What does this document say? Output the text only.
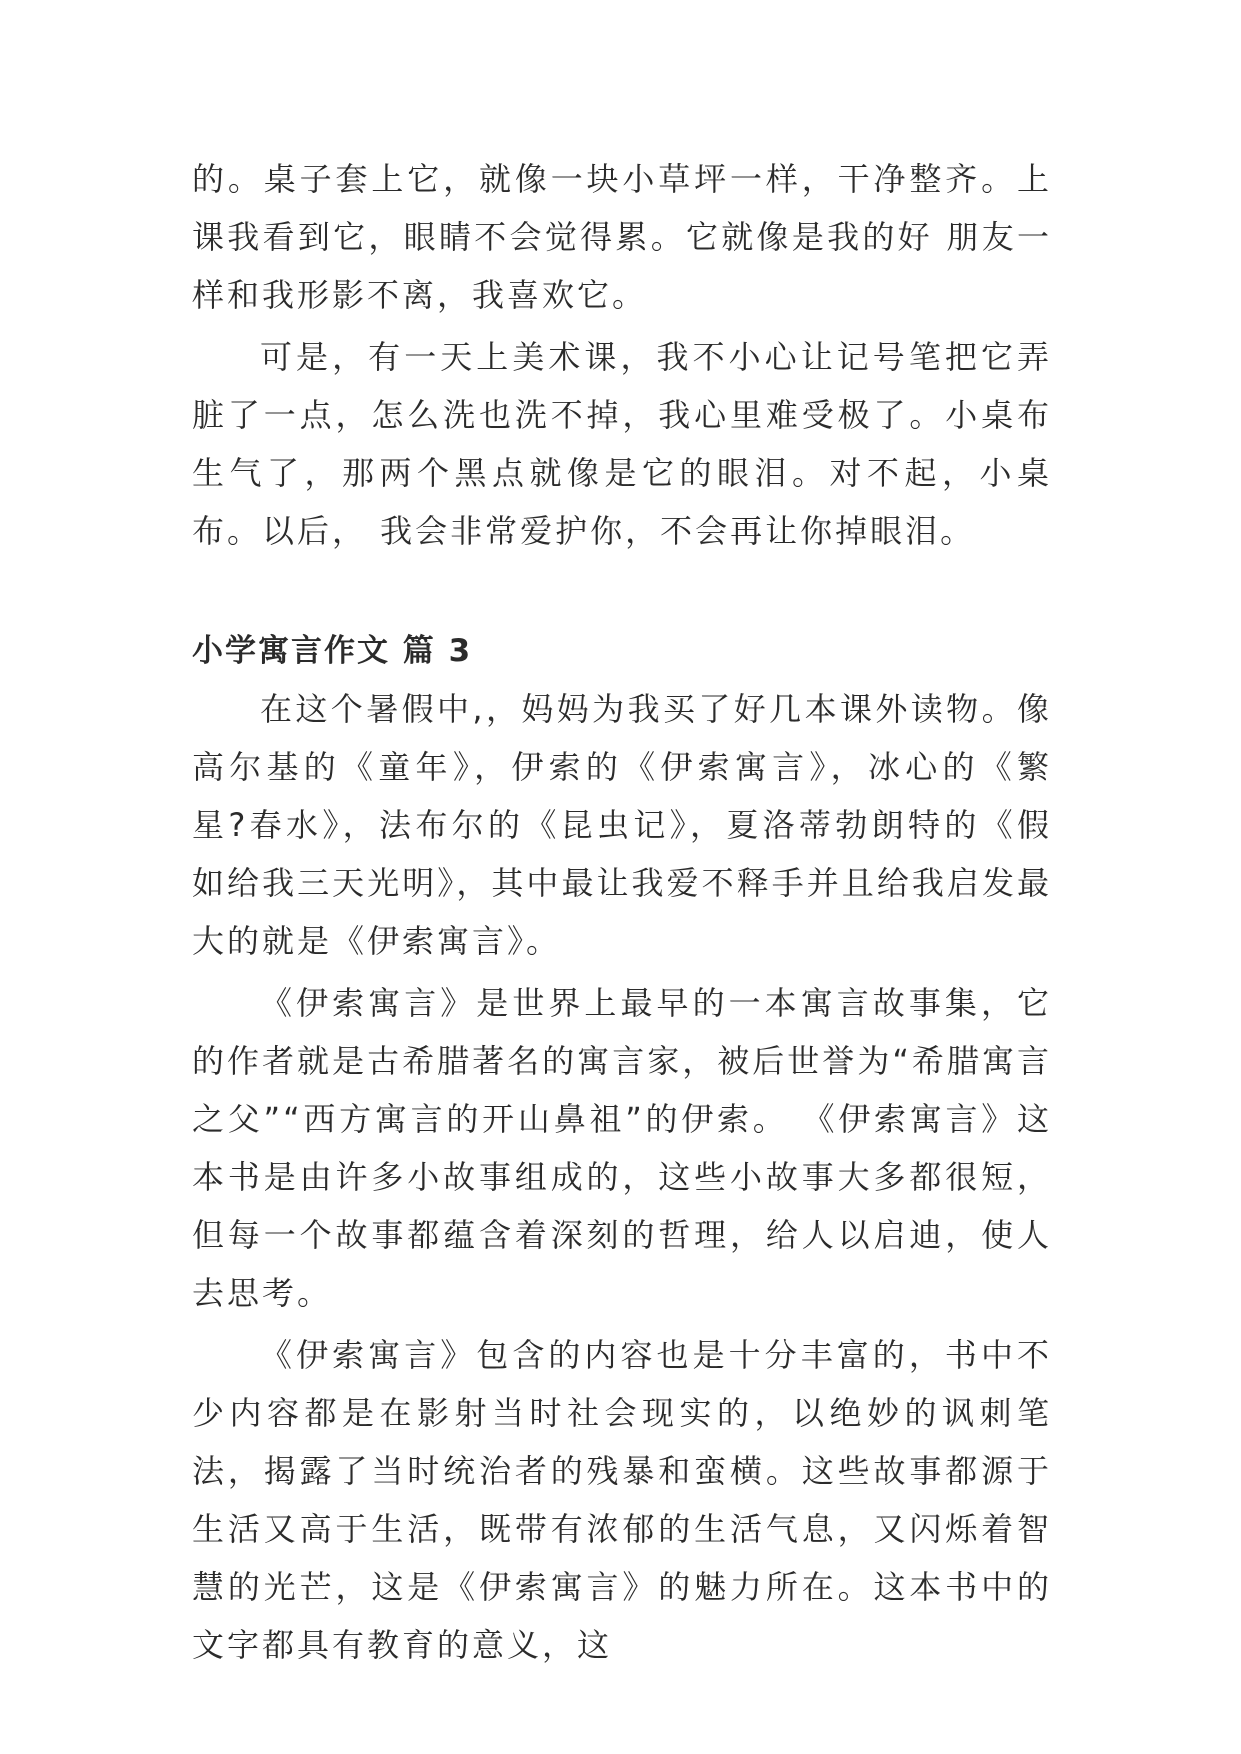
的。桌子套上它，就像一块小草坪一样，干净整齐。上课我看到它，眼睛不会觉得累。它就像是我的好 朋友一样和我形影不离，我喜欢它。

可是，有一天上美术课，我不小心让记号笔把它弄脏了一点，怎么洗也洗不掉，我心里难受极了。小桌布生气了，那两个黑点就像是它的眼泪。对不起，小桌布。以后， 我会非常爱护你，不会再让你掉眼泪。

小学寓言作文 篇 3

在这个暑假中,，妈妈为我买了好几本课外读物。像高尔基的《童年》，伊索的《伊索寓言》，冰心的《繁星?春水》，法布尔的《昆虫记》，夏洛蒂勃朗特的《假如给我三天光明》，其中最让我爱不释手并且给我启发最大的就是《伊索寓言》。

《伊索寓言》是世界上最早的一本寓言故事集，它的作者就是古希腊著名的寓言家，被后世誉为“希腊寓言之父”“西方寓言的开山鼻祖”的伊索。 《伊索寓言》这本书是由许多小故事组成的，这些小故事大多都很短，但每一个故事都蕴含着深刻的哲理，给人以启迪，使人去思考。

《伊索寓言》包含的内容也是十分丰富的，书中不少内容都是在影射当时社会现实的，以绝妙的讽刺笔法，揭露了当时统治者的残暴和蛮横。这些故事都源于生活又高于生活，既带有浓郁的生活气息，又闪烁着智慧的光芒，这是《伊索寓言》的魅力所在。这本书中的文字都具有教育的意义，这
